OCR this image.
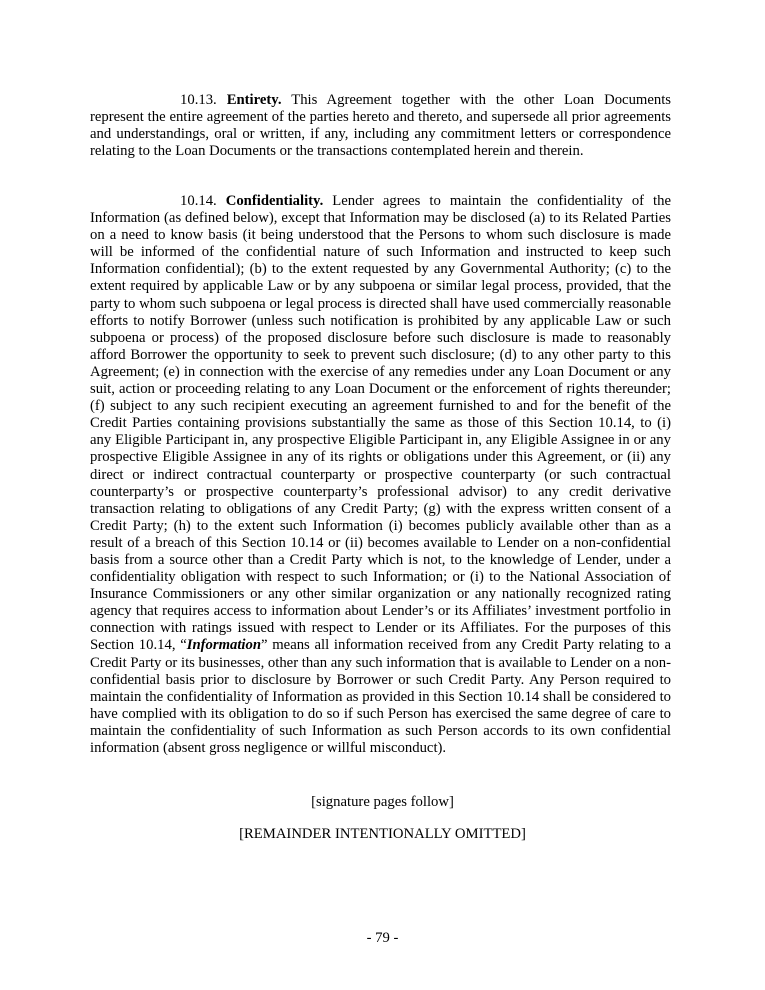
10.13. Entirety. This Agreement together with the other Loan Documents represent the entire agreement of the parties hereto and thereto, and supersede all prior agreements and understandings, oral or written, if any, including any commitment letters or correspondence relating to the Loan Documents or the transactions contemplated herein and therein.

10.14. Confidentiality. Lender agrees to maintain the confidentiality of the Information (as defined below), except that Information may be disclosed (a) to its Related Parties on a need to know basis (it being understood that the Persons to whom such disclosure is made will be informed of the confidential nature of such Information and instructed to keep such Information confidential); (b) to the extent requested by any Governmental Authority; (c) to the extent required by applicable Law or by any subpoena or similar legal process, provided, that the party to whom such subpoena or legal process is directed shall have used commercially reasonable efforts to notify Borrower (unless such notification is prohibited by any applicable Law or such subpoena or process) of the proposed disclosure before such disclosure is made to reasonably afford Borrower the opportunity to seek to prevent such disclosure; (d) to any other party to this Agreement; (e) in connection with the exercise of any remedies under any Loan Document or any suit, action or proceeding relating to any Loan Document or the enforcement of rights thereunder; (f) subject to any such recipient executing an agreement furnished to and for the benefit of the Credit Parties containing provisions substantially the same as those of this Section 10.14, to (i) any Eligible Participant in, any prospective Eligible Participant in, any Eligible Assignee in or any prospective Eligible Assignee in any of its rights or obligations under this Agreement, or (ii) any direct or indirect contractual counterparty or prospective counterparty (or such contractual counterparty’s or prospective counterparty’s professional advisor) to any credit derivative transaction relating to obligations of any Credit Party; (g) with the express written consent of a Credit Party; (h) to the extent such Information (i) becomes publicly available other than as a result of a breach of this Section 10.14 or (ii) becomes available to Lender on a non-confidential basis from a source other than a Credit Party which is not, to the knowledge of Lender, under a confidentiality obligation with respect to such Information; or (i) to the National Association of Insurance Commissioners or any other similar organization or any nationally recognized rating agency that requires access to information about Lender’s or its Affiliates’ investment portfolio in connection with ratings issued with respect to Lender or its Affiliates. For the purposes of this Section 10.14, “Information” means all information received from any Credit Party relating to a Credit Party or its businesses, other than any such information that is available to Lender on a non-confidential basis prior to disclosure by Borrower or such Credit Party. Any Person required to maintain the confidentiality of Information as provided in this Section 10.14 shall be considered to have complied with its obligation to do so if such Person has exercised the same degree of care to maintain the confidentiality of such Information as such Person accords to its own confidential information (absent gross negligence or willful misconduct).

[signature pages follow]

[REMAINDER INTENTIONALLY OMITTED]

- 79 -
